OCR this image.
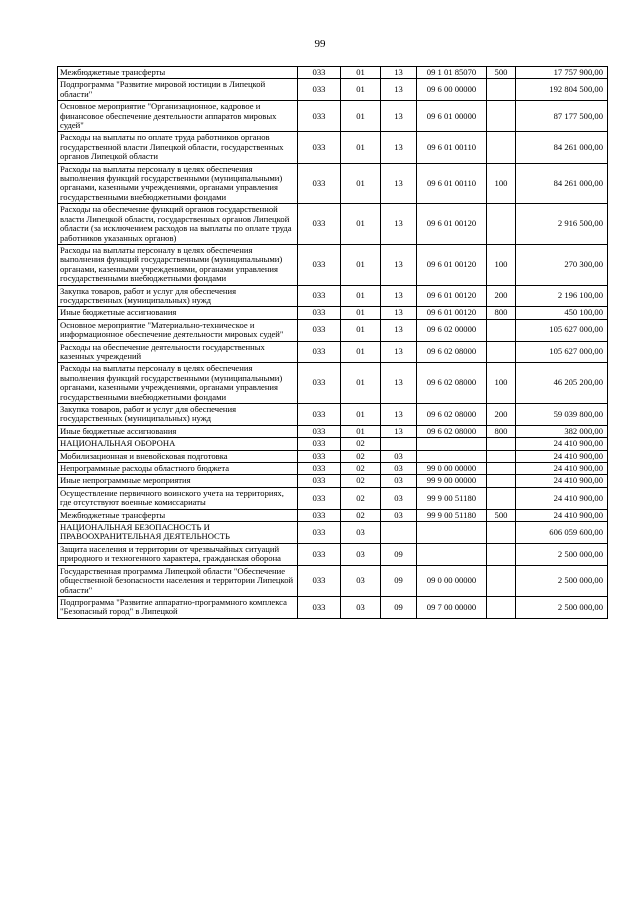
99
Межбюджетные трансферты	033	01	13	09 1 01 85070	500	17 757 900,00
Подпрограмма "Развитие мировой юстиции в Липецкой области"	033	01	13	09 6 00 00000		192 804 500,00
Основное мероприятие "Организационное, кадровое и финансовое обеспечение деятельности аппаратов мировых судей"	033	01	13	09 6 01 00000		87 177 500,00
Расходы на выплаты по оплате труда работников органов государственной власти Липецкой области, государственных органов Липецкой области	033	01	13	09 6 01 00110		84 261 000,00
Расходы на выплаты персоналу в целях обеспечения выполнения функций государственными (муниципальными) органами, казенными учреждениями, органами управления государственными внебюджетными фондами	033	01	13	09 6 01 00110	100	84 261 000,00
Расходы на обеспечение функций органов государственной власти Липецкой области, государственных органов Липецкой области (за исключением расходов на выплаты по оплате труда работников указанных органов)	033	01	13	09 6 01 00120		2 916 500,00
Расходы на выплаты персоналу в целях обеспечения выполнения функций государственными (муниципальными) органами, казенными учреждениями, органами управления государственными внебюджетными фондами	033	01	13	09 6 01 00120	100	270 300,00
Закупка товаров, работ и услуг для обеспечения государственных (муниципальных) нужд	033	01	13	09 6 01 00120	200	2 196 100,00
Иные бюджетные ассигнования	033	01	13	09 6 01 00120	800	450 100,00
Основное мероприятие "Материально-техническое и информационное обеспечение деятельности мировых судей"	033	01	13	09 6 02 00000		105 627 000,00
Расходы на обеспечение деятельности государственных казенных учреждений	033	01	13	09 6 02 08000		105 627 000,00
Расходы на выплаты персоналу в целях обеспечения выполнения функций государственными (муниципальными) органами, казенными учреждениями, органами управления государственными внебюджетными фондами	033	01	13	09 6 02 08000	100	46 205 200,00
Закупка товаров, работ и услуг для обеспечения государственных (муниципальных) нужд	033	01	13	09 6 02 08000	200	59 039 800,00
Иные бюджетные ассигнования	033	01	13	09 6 02 08000	800	382 000,00
НАЦИОНАЛЬНАЯ ОБОРОНА	033	02				24 410 900,00
Мобилизационная и вневойсковая подготовка	033	02	03			24 410 900,00
Непрограммные расходы областного бюджета	033	02	03	99 0 00 00000		24 410 900,00
Иные непрограммные мероприятия	033	02	03	99 9 00 00000		24 410 900,00
Осуществление первичного воинского учета на территориях, где отсутствуют военные комиссариаты	033	02	03	99 9 00 51180		24 410 900,00
Межбюджетные трансферты	033	02	03	99 9 00 51180	500	24 410 900,00
НАЦИОНАЛЬНАЯ БЕЗОПАСНОСТЬ И ПРАВООХРАНИТЕЛЬНАЯ ДЕЯТЕЛЬНОСТЬ	033	03				606 059 600,00
Защита населения и территории от чрезвычайных ситуаций природного и техногенного характера, гражданская оборона	033	03	09			2 500 000,00
Государственная программа Липецкой области "Обеспечение общественной безопасности населения и территории Липецкой области"	033	03	09	09 0 00 00000		2 500 000,00
Подпрограмма "Развитие аппаратно-программного комплекса "Безопасный город" в Липецкой	033	03	09	09 7 00 00000		2 500 000,00
